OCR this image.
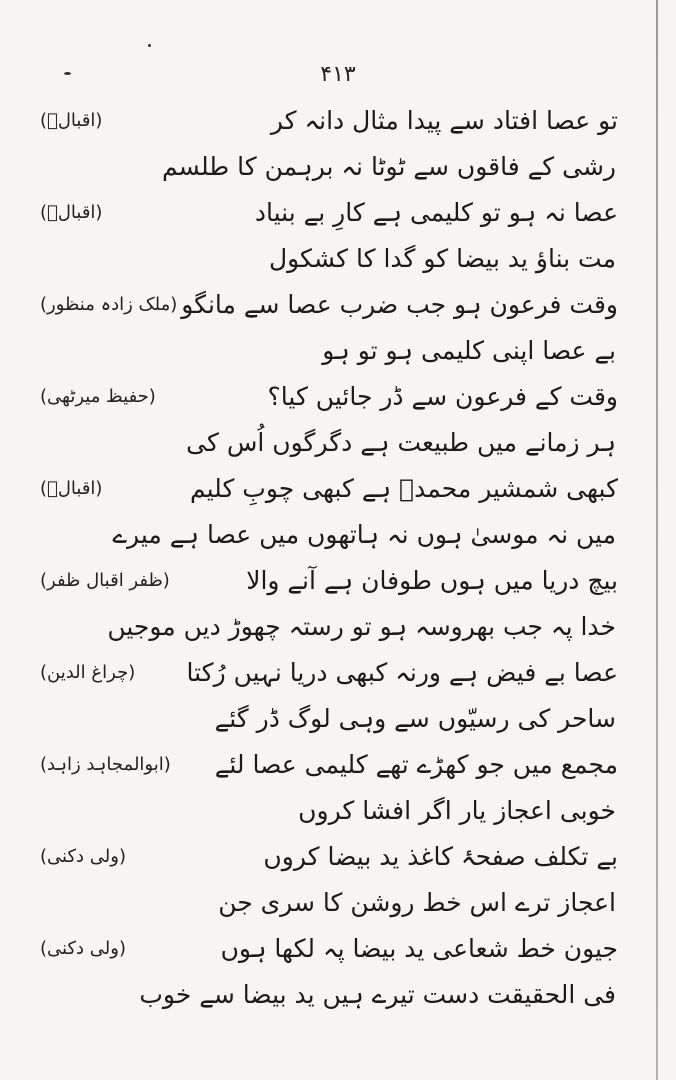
۴۱۳
تو عصا افتاد سے پیدا مثال دانہ کر
رشی کے فاقوں سے ٹوٹا نہ برہمن کا طلسم
(اقبالؔ)
عصا نہ ہو تو کلیمی ہے کارِ بے بنیاد
مت بناؤ ید بیضا کو گدا کا کشکول
(اقبالؔ)
وقت فرعون ہو جب ضرب عصا سے مانگو
بے عصا اپنی کلیمی ہو تو ہو
(ملک زادہ منظور)
وقت کے فرعون سے ڈر جائیں کیا؟
ہر زمانے میں طبیعت ہے دگرگوں اُس کی
(حفیظ میرٹھی)
کبھی شمشیر محمدؐ ہے کبھی چوبِ کلیم
میں نہ موسیٰ ہوں نہ ہاتھوں میں عصا ہے میرے
(اقبالؔ)
بیچ دریا میں ہوں طوفان ہے آنے والا
خدا پہ جب بھروسہ ہو تو رستہ چھوڑ دیں موجیں
(ظفر اقبال ظفر)
عصا بے فیض ہے ورنہ کبھی دریا نہیں رُکتا
ساحر کی رسیّوں سے وہی لوگ ڈر گئے
(چراغ الدین)
مجمع میں جو کھڑے تھے کلیمی عصا لئے
خوبی اعجاز یار اگر افشا کروں
(ابوالمجاہد زاہد)
بے تکلف صفحۂ کاغذ ید بیضا کروں
اعجاز ترے اس خط روشن کا سری جن
(ولی دکنی)
جیون خط شعاعی ید بیضا پہ لکھا ہوں
فی الحقیقت دست تیرے ہیں ید بیضا سے خوب
(ولی دکنی)
